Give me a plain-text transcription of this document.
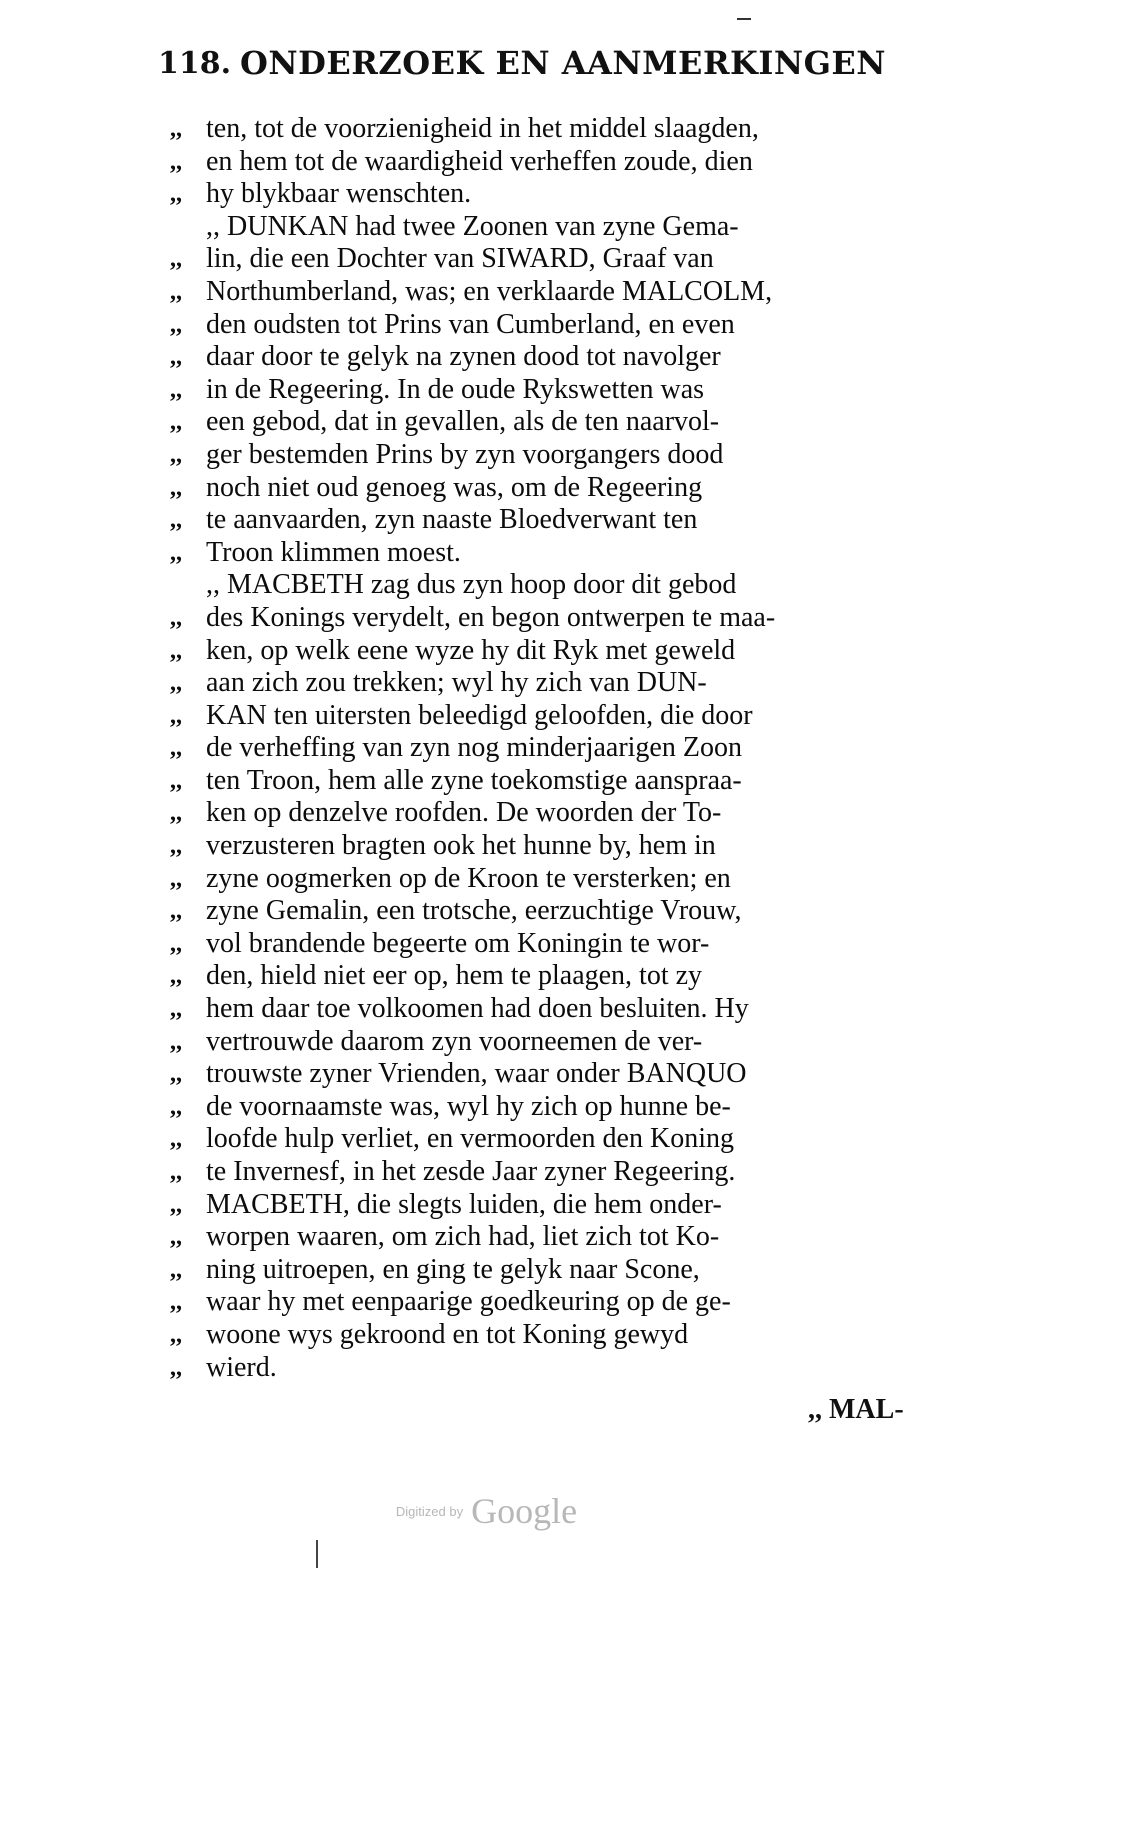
118. ONDERZOEK EN AANMERKINGEN
,, ten, tot de voorzienigheid in het middel slaagden,
,, en hem tot de waardigheid verheffen zoude, dien
,, hy blykbaar wenschten.
,, DUNKAN had twee Zoonen van zyne Gema-
,, lin, die een Dochter van SIWARD, Graaf van
,, Northumberland, was; en verklaarde MALCOLM,
,, den oudsten tot Prins van Cumberland, en even
,, daar door te gelyk na zynen dood tot navolger
,, in de Regeering. In de oude Rykswetten was
,, een gebod, dat in gevallen, als de ten naarvol-
,, ger bestemden Prins by zyn voorgangers dood
,, noch niet oud genoeg was, om de Regeering
,, te aanvaarden, zyn naaste Bloedverwant ten
,, Troon klimmen moest.
,, MACBETH zag dus zyn hoop door dit gebod
,, des Konings verydelt, en begon ontwerpen te maa-
,, ken, op welk eene wyze hy dit Ryk met geweld
,, aan zich zou trekken; wyl hy zich van DUN-
,, KAN ten uitersten beleedigd geloofden, die door
,, de verheffing van zyn nog minderjaarigen Zoon
,, ten Troon, hem alle zyne toekomstige aanspraa-
,, ken op denzelve roofden. De woorden der To-
,, verzusteren bragten ook het hunne by, hem in
,, zyne oogmerken op de Kroon te versterken; en
,, zyne Gemalin, een trotsche, eerzuchtige Vrouw,
,, vol brandende begeerte om Koningin te wor-
,, den, hield niet eer op, hem te plaagen, tot zy
,, hem daar toe volkoomen had doen besluiten. Hy
,, vertrouwde daarom zyn voorneemen de ver-
,, trouwste zyner Vrienden, waar onder BANQUO
,, de voornaamste was, wyl hy zich op hunne be-
,, loofde hulp verliet, en vermoorden den Koning
,, te Invernesf, in het zesde Jaar zyner Regeering.
,, MACBETH, die slegts luiden, die hem onder-
,, worpen waaren, om zich had, liet zich tot Ko-
,, ning uitroepen, en ging te gelyk naar Scone,
,, waar hy met eenpaarige goedkeuring op de ge-
,, woone wys gekroond en tot Koning gewyd
,, wierd.
,, MAL-
Digitized by Google
